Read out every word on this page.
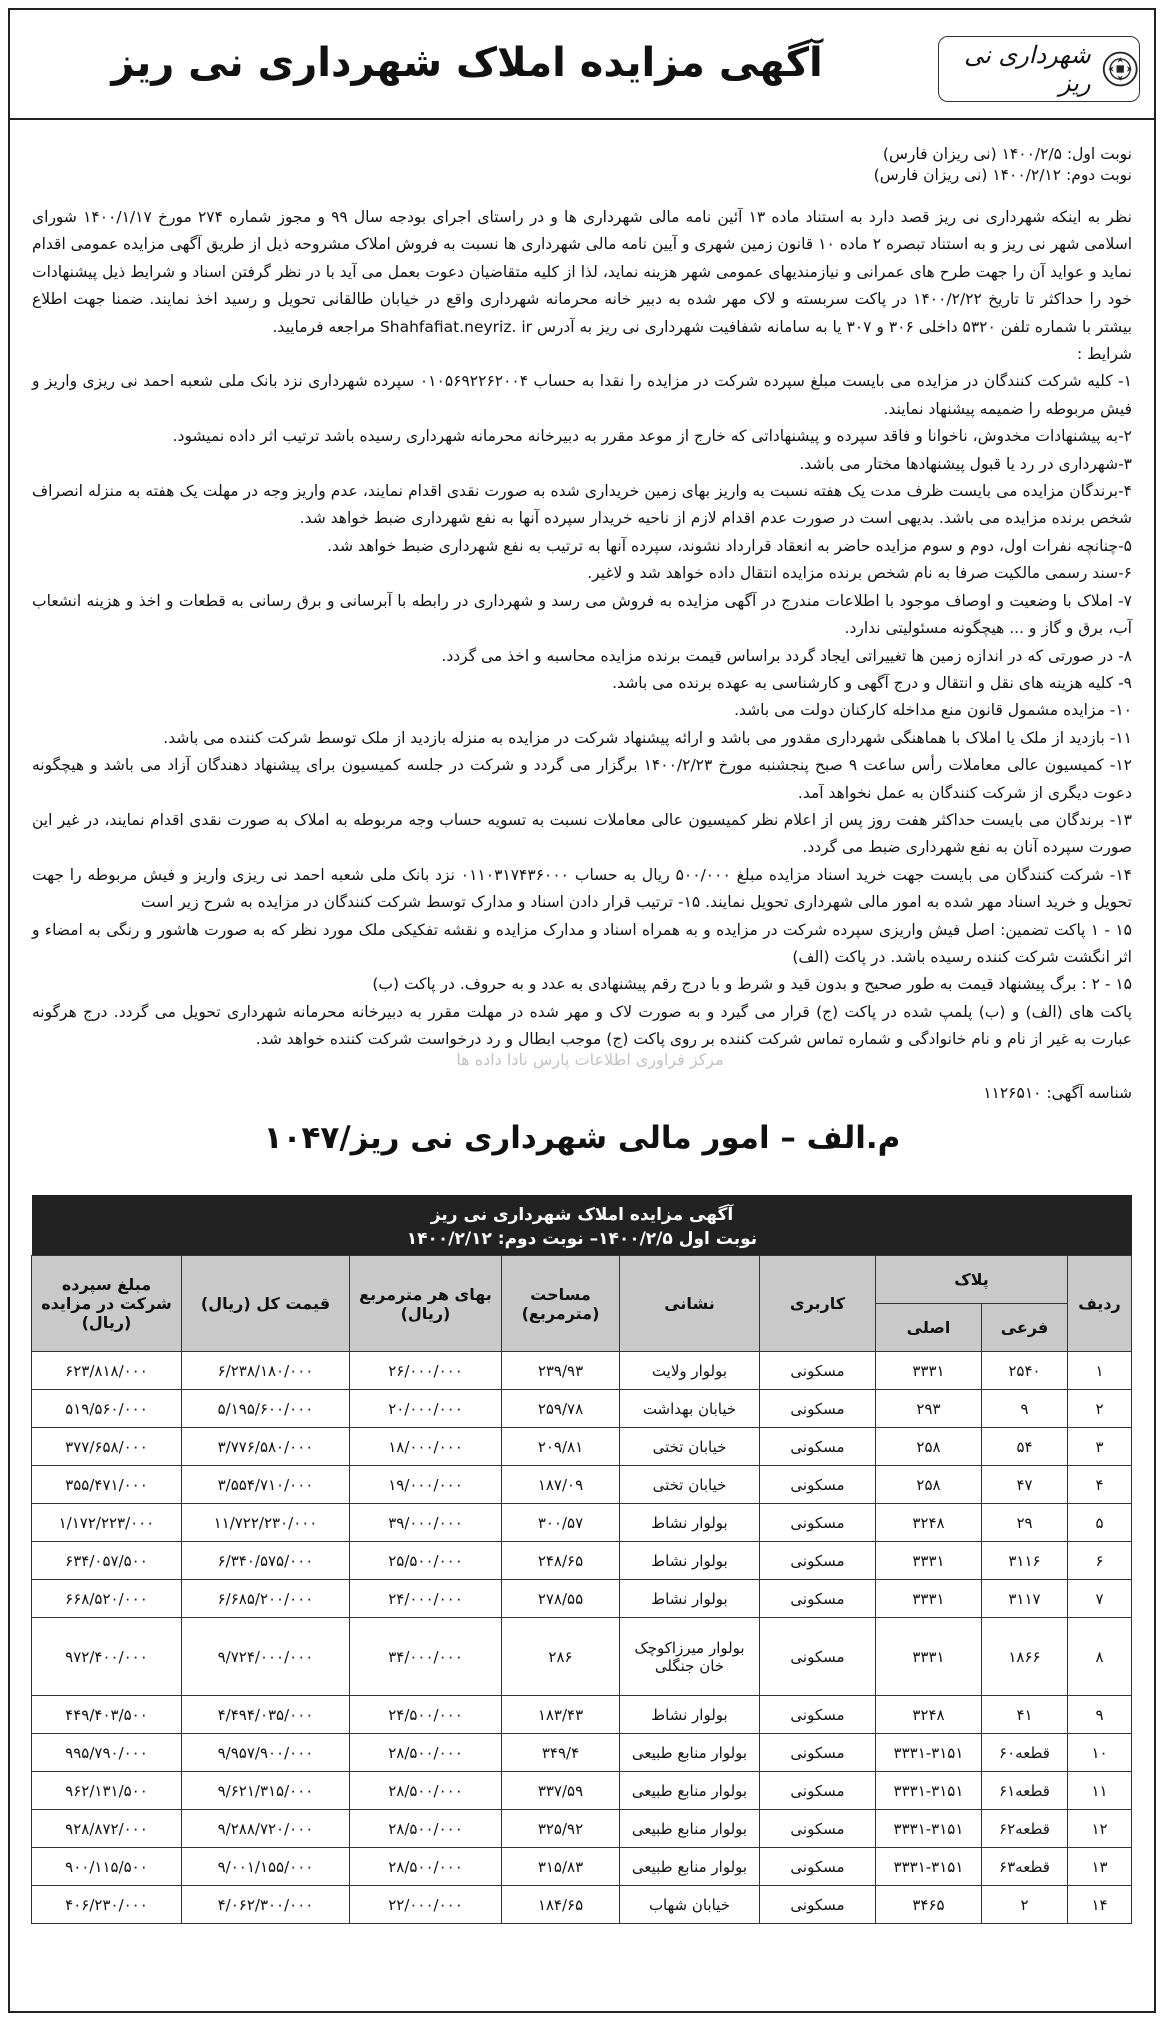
شهرداری نی ریز
آگهی مزایده املاک شهرداری نی ریز
نوبت اول: ۱۴۰۰/۲/۵ (نی ریزان فارس)
نوبت دوم: ۱۴۰۰/۲/۱۲ (نی ریزان فارس)

نظر به اینکه شهرداری نی ریز قصد دارد به استناد ماده ۱۳ آئین نامه مالی شهرداری ها و در راستای اجرای بودجه سال ۹۹ و مجوز شماره ۲۷۴ مورخ ۱۴۰۰/۱/۱۷ شورای اسلامی شهر نی ریز و به استناد تبصره ۲ ماده ۱۰ قانون زمین شهری و آیین نامه مالی شهرداری ها نسبت به فروش املاک مشروحه ذیل از طریق آگهی مزایده عمومی اقدام نماید و عواید آن را جهت طرح های عمرانی و نیازمندیهای عمومی شهر هزینه نماید، لذا از کلیه متقاضیان دعوت بعمل می آید با در نظر گرفتن اسناد و شرایط ذیل پیشنهادات خود را حداکثر تا تاریخ ۱۴۰۰/۲/۲۲ در پاکت سربسته و لاک مهر شده به دبیر خانه محرمانه شهرداری واقع در خیابان طالقانی تحویل و رسید اخذ نمایند. ضمنا جهت اطلاع بیشتر با شماره تلفن ۵۳۲۰ داخلی ۳۰۶ و ۳۰۷ یا به سامانه شفافیت شهرداری نی ریز به آدرس Shahfafiat.neyriz. ir مراجعه فرمایید.

شرایط :

۱- کلیه شرکت کنندگان در مزایده می بایست مبلغ سپرده شرکت در مزایده را نقدا به حساب ۰۱۰۵۶۹۲۲۶۲۰۰۴ سپرده شهرداری نزد بانک ملی شعبه احمد نی ریزی واریز و فیش مربوطه را ضمیمه پیشنهاد نمایند.
۲-به پیشنهادات مخدوش، ناخوانا و فاقد سپرده و پیشنهاداتی که خارج از موعد مقرر به دبیرخانه محرمانه شهرداری رسیده باشد ترتیب اثر داده نمیشود.
۳-شهرداری در رد یا قبول پیشنهادها مختار می باشد.
۴-برندگان مزایده می بایست ظرف مدت یک هفته نسبت به واریز بهای زمین خریداری شده به صورت نقدی اقدام نمایند، عدم واریز وجه در مهلت یک هفته به منزله انصراف شخص برنده مزایده می باشد. بدیهی است در صورت عدم اقدام لازم از ناحیه خریدار سپرده آنها به نفع شهرداری ضبط خواهد شد.
۵-چنانچه نفرات اول، دوم و سوم مزایده حاضر به انعقاد قرارداد نشوند، سپرده آنها به ترتیب به نفع شهرداری ضبط خواهد شد.
۶-سند رسمی مالکیت صرفا به نام شخص برنده مزایده انتقال داده خواهد شد و لاغیر.
۷- املاک با وضعیت و اوصاف موجود با اطلاعات مندرج در آگهی مزایده به فروش می رسد و شهرداری در رابطه با آبرسانی و برق رسانی به قطعات و اخذ و هزینه انشعاب آب، برق و گاز و ... هیچگونه مسئولیتی ندارد.
۸- در صورتی که در اندازه زمین ها تغییراتی ایجاد گردد براساس قیمت برنده مزایده محاسبه و اخذ می گردد.
۹- کلیه هزینه های نقل و انتقال و درج آگهی و کارشناسی به عهده برنده می باشد.
۱۰- مزایده مشمول قانون منع مداخله کارکنان دولت می باشد.
۱۱- بازدید از ملک یا املاک با هماهنگی شهرداری مقدور می باشد و ارائه پیشنهاد شرکت در مزایده به منزله بازدید از ملک توسط شرکت کننده می باشد.
۱۲- کمیسیون عالی معاملات رأس ساعت ۹ صبح پنجشنبه مورخ ۱۴۰۰/۲/۲۳ برگزار می گردد و شرکت در جلسه کمیسیون برای پیشنهاد دهندگان آزاد می باشد و هیچگونه دعوت دیگری از شرکت کنندگان به عمل نخواهد آمد.
۱۳- برندگان می بایست حداکثر هفت روز پس از اعلام نظر کمیسیون عالی معاملات نسبت به تسویه حساب وجه مربوطه به املاک به صورت نقدی اقدام نمایند، در غیر این صورت سپرده آنان به نفع شهرداری ضبط می گردد.
۱۴- شرکت کنندگان می بایست جهت خرید اسناد مزایده مبلغ ۵۰۰/۰۰۰ ریال به حساب ۰۱۱۰۳۱۷۴۳۶۰۰۰ نزد بانک ملی شعبه احمد نی ریزی واریز و فیش مربوطه را جهت تحویل و خرید اسناد مهر شده به امور مالی شهرداری تحویل نمایند. ۱۵- ترتیب قرار دادن اسناد و مدارک توسط شرکت کنندگان در مزایده به شرح زیر است
۱۵ - ۱ پاکت تضمین: اصل فیش واریزی سپرده شرکت در مزایده و به همراه اسناد و مدارک مزایده و نقشه تفکیکی ملک مورد نظر که به صورت هاشور و رنگی به امضاء و اثر انگشت شرکت کننده رسیده باشد. در پاکت (الف)
۱۵ - ۲ : برگ پیشنهاد قیمت به طور صحیح و بدون قید و شرط و با درج رقم پیشنهادی به عدد و به حروف. در پاکت (ب)
پاکت های (الف) و (ب) پلمپ شده در پاکت (ج) قرار می گیرد و به صورت لاک و مهر شده در مهلت مقرر به دبیرخانه محرمانه شهرداری تحویل می گردد. درج هرگونه عبارت به غیر از نام و نام خانوادگی و شماره تماس شرکت کننده بر روی پاکت (ج) موجب ابطال و رد درخواست شرکت کننده خواهد شد.
شناسه آگهی: ۱۱۲۶۵۱۰
مرکز فراوری اطلاعات پارس نادا داده ها
م.الف – امور مالی شهرداری نی ریز/۱۰۴۷
آگهی مزایده املاک شهرداری نی ریز
نوبت اول ۱۴۰۰/۲/۵– نوبت دوم: ۱۴۰۰/۲/۱۲
ردیف	پلاک		کاربری	نشانی	مساحت (مترمربع)	بهای هر مترمربع (ریال)	قیمت کل (ریال)	مبلغ سپرده شرکت در مزایده (ریال)
	فرعی	اصلی						
۱	۲۵۴۰	۳۳۳۱	مسکونی	بولوار ولایت	۲۳۹/۹۳	۲۶/۰۰۰/۰۰۰	۶/۲۳۸/۱۸۰/۰۰۰	۶۲۳/۸۱۸/۰۰۰
۲	۹	۲۹۳	مسکونی	خیابان بهداشت	۲۵۹/۷۸	۲۰/۰۰۰/۰۰۰	۵/۱۹۵/۶۰۰/۰۰۰	۵۱۹/۵۶۰/۰۰۰
۳	۵۴	۲۵۸	مسکونی	خیابان تختی	۲۰۹/۸۱	۱۸/۰۰۰/۰۰۰	۳/۷۷۶/۵۸۰/۰۰۰	۳۷۷/۶۵۸/۰۰۰
۴	۴۷	۲۵۸	مسکونی	خیابان تختی	۱۸۷/۰۹	۱۹/۰۰۰/۰۰۰	۳/۵۵۴/۷۱۰/۰۰۰	۳۵۵/۴۷۱/۰۰۰
۵	۲۹	۳۲۴۸	مسکونی	بولوار نشاط	۳۰۰/۵۷	۳۹/۰۰۰/۰۰۰	۱۱/۷۲۲/۲۳۰/۰۰۰	۱/۱۷۲/۲۲۳/۰۰۰
۶	۳۱۱۶	۳۳۳۱	مسکونی	بولوار نشاط	۲۴۸/۶۵	۲۵/۵۰۰/۰۰۰	۶/۳۴۰/۵۷۵/۰۰۰	۶۳۴/۰۵۷/۵۰۰
۷	۳۱۱۷	۳۳۳۱	مسکونی	بولوار نشاط	۲۷۸/۵۵	۲۴/۰۰۰/۰۰۰	۶/۶۸۵/۲۰۰/۰۰۰	۶۶۸/۵۲۰/۰۰۰
۸	۱۸۶۶	۳۳۳۱	مسکونی	بولوار میرزاکوچک خان جنگلی	۲۸۶	۳۴/۰۰۰/۰۰۰	۹/۷۲۴/۰۰۰/۰۰۰	۹۷۲/۴۰۰/۰۰۰
۹	۴۱	۳۲۴۸	مسکونی	بولوار نشاط	۱۸۳/۴۳	۲۴/۵۰۰/۰۰۰	۴/۴۹۴/۰۳۵/۰۰۰	۴۴۹/۴۰۳/۵۰۰
۱۰	قطعه۶۰	۳۳۳۱-۳۱۵۱	مسکونی	بولوار منابع طبیعی	۳۴۹/۴	۲۸/۵۰۰/۰۰۰	۹/۹۵۷/۹۰۰/۰۰۰	۹۹۵/۷۹۰/۰۰۰
۱۱	قطعه۶۱	۳۳۳۱-۳۱۵۱	مسکونی	بولوار منابع طبیعی	۳۳۷/۵۹	۲۸/۵۰۰/۰۰۰	۹/۶۲۱/۳۱۵/۰۰۰	۹۶۲/۱۳۱/۵۰۰
۱۲	قطعه۶۲	۳۳۳۱-۳۱۵۱	مسکونی	بولوار منابع طبیعی	۳۲۵/۹۲	۲۸/۵۰۰/۰۰۰	۹/۲۸۸/۷۲۰/۰۰۰	۹۲۸/۸۷۲/۰۰۰
۱۳	قطعه۶۳	۳۳۳۱-۳۱۵۱	مسکونی	بولوار منابع طبیعی	۳۱۵/۸۳	۲۸/۵۰۰/۰۰۰	۹/۰۰۱/۱۵۵/۰۰۰	۹۰۰/۱۱۵/۵۰۰
۱۴	۲	۳۴۶۵	مسکونی	خیابان شهاب	۱۸۴/۶۵	۲۲/۰۰۰/۰۰۰	۴/۰۶۲/۳۰۰/۰۰۰	۴۰۶/۲۳۰/۰۰۰
